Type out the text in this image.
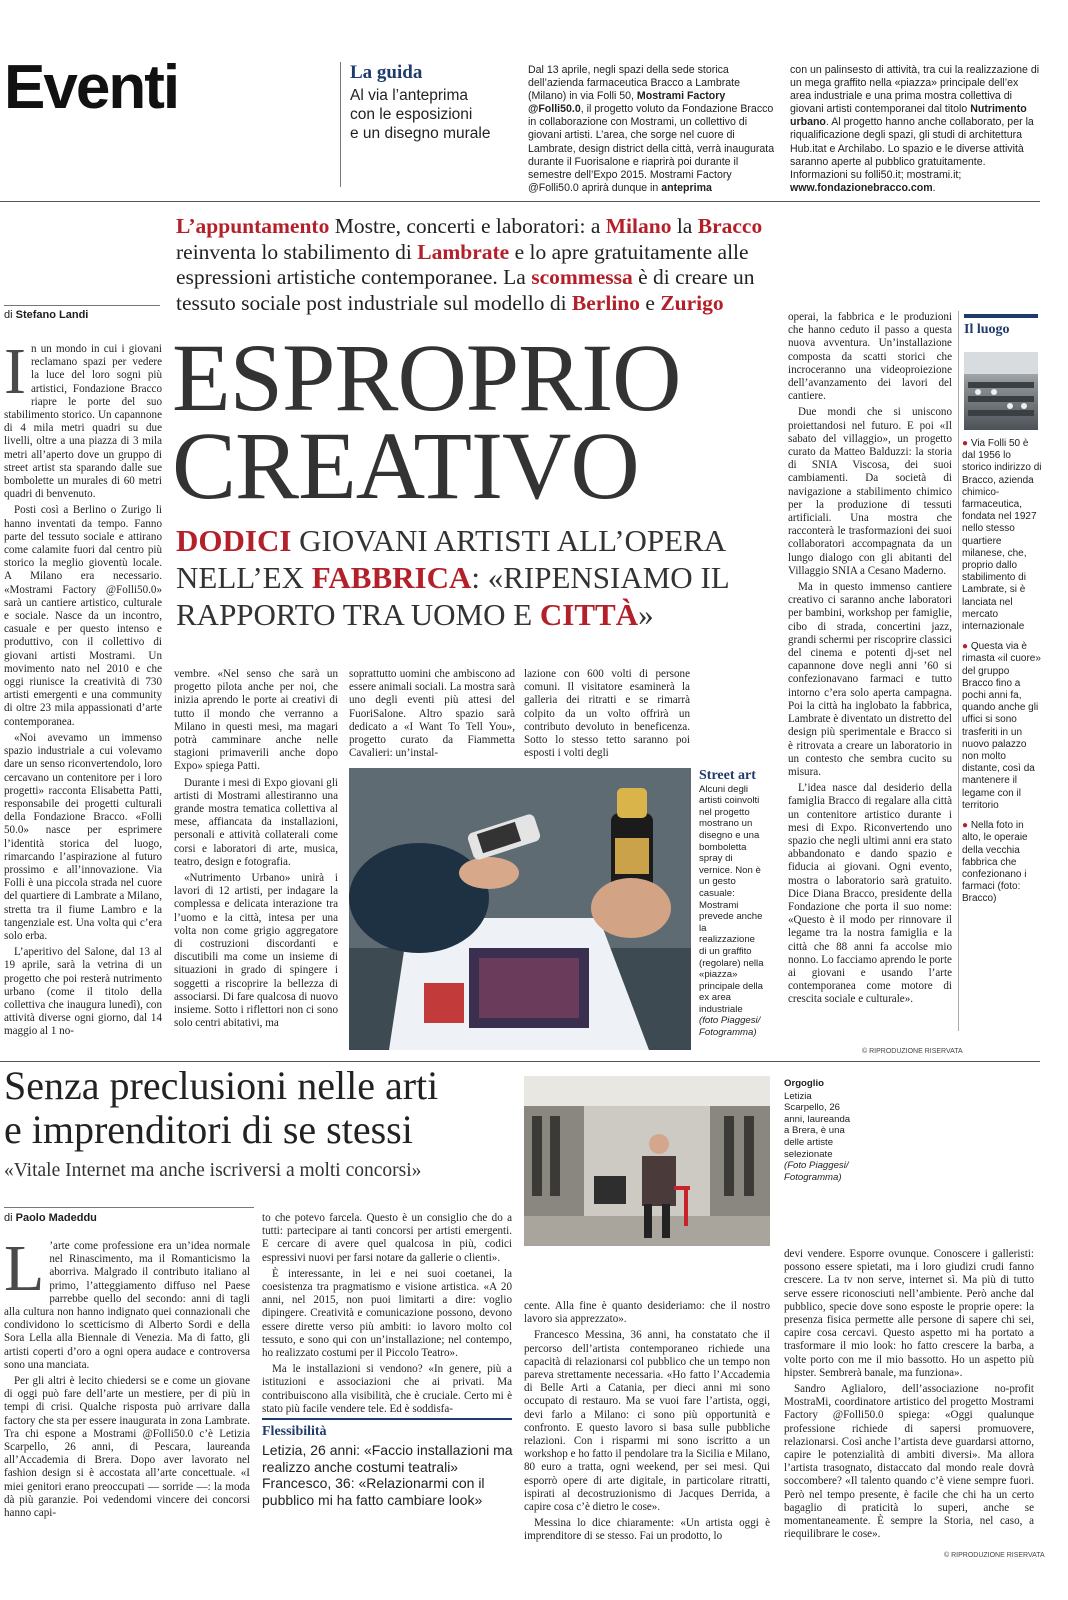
Eventi	La guida
Al via l’anteprima
con le esposizioni
e un disegno murale
Dal 13 aprile, negli spazi della sede storica dell’azienda farmaceutica Bracco a Lambrate (Milano) in via Folli 50, Mostrami Factory @Folli50.0, il progetto voluto da Fondazione Bracco in collaborazione con Mostrami, un collettivo di giovani artisti. L’area, che sorge nel cuore di Lambrate, design district della città, verrà inaugurata durante il Fuorisalone e riaprirà poi durante il semestre dell’Expo 2015. Mostrami Factory @Folli50.0 aprirà dunque in anteprima
con un palinsesto di attività, tra cui la realizzazione di un mega graffito nella «piazza» principale dell’ex area industriale e una prima mostra collettiva di giovani artisti contemporanei dal titolo Nutrimento urbano. Al progetto hanno anche collaborato, per la riqualificazione degli spazi, gli studi di architettura Hub.itat e Archilabo. Lo spazio e le diverse attività saranno aperte al pubblico gratuitamente. Informazioni su folli50.it; mostrami.it; www.fondazionebracco.com.
L’appuntamento Mostre, concerti e laboratori: a Milano la Bracco reinventa lo stabilimento di Lambrate e lo apre gratuitamente alle espressioni artistiche contemporanee. La scommessa è di creare un tessuto sociale post industriale sul modello di Berlino e Zurigo
di Stefano Landi
ESPROPRIO
CREATIVO
DODICI GIOVANI ARTISTI ALL’OPERA NELL’EX FABBRICA: «RIPENSIAMO IL RAPPORTO TRA UOMO E CITTÀ»

In un mondo in cui i giovani reclamano spazi per vedere la luce del loro sogni più artistici, Fondazione Bracco riapre le porte del suo stabilimento storico. Un capannone di 4 mila metri quadri su due livelli, oltre a una piazza di 3 mila metri all’aperto dove un gruppo di street artist sta sparando dalle sue bombolette un murales di 60 metri quadri di benvenuto.

Posti così a Berlino o Zurigo li hanno inventati da tempo. Fanno parte del tessuto sociale e attirano come calamite fuori dal centro più storico la meglio gioventù locale. A Milano era necessario. «Mostrami Factory @Folli50.0» sarà un cantiere artistico, culturale e sociale. Nasce da un incontro, casuale e per questo intenso e produttivo, con il collettivo di giovani artisti Mostrami. Un movimento nato nel 2010 e che oggi riunisce la creatività di 730 artisti emergenti e una community di oltre 23 mila appassionati d’arte contemporanea.

«Noi avevamo un immenso spazio industriale a cui volevamo dare un senso riconvertendolo, loro cercavano un contenitore per i loro progetti» racconta Elisabetta Patti, responsabile dei progetti culturali della Fondazione Bracco. «Folli 50.0» nasce per esprimere l’identità storica del luogo, rimarcando l’aspirazione al futuro prossimo e all’innovazione. Via Folli è una piccola strada nel cuore del quartiere di Lambrate a Milano, stretta tra il fiume Lambro e la tangenziale est. Una volta qui c’era solo erba.

L’aperitivo del Salone, dal 13 al 19 aprile, sarà la vetrina di un progetto che poi resterà nutrimento urbano (come il titolo della collettiva che inaugura lunedì), con attività diverse ogni giorno, dal 14 maggio al 1 no-

vembre. «Nel senso che sarà un progetto pilota anche per noi, che inizia aprendo le porte ai creativi di tutto il mondo che verranno a Milano in questi mesi, ma magari potrà camminare anche nelle stagioni primaverili anche dopo Expo» spiega Patti.

Durante i mesi di Expo giovani gli artisti di Mostrami allestiranno una grande mostra tematica collettiva al mese, affiancata da installazioni, personali e attività collaterali come corsi e laboratori di arte, musica, teatro, design e fotografia.

«Nutrimento Urbano» unirà i lavori di 12 artisti, per indagare la complessa e delicata interazione tra l’uomo e la città, intesa per una volta non come grigio aggregatore di costruzioni discordanti e discutibili ma come un insieme di situazioni in grado di spingere i soggetti a riscoprire la bellezza di associarsi. Di fare qualcosa di nuovo insieme. Sotto i riflettori non ci sono solo centri abitativi, ma

soprattutto uomini che ambiscono ad essere animali sociali. La mostra sarà uno degli eventi più attesi del FuoriSalone. Altro spazio sarà dedicato a «I Want To Tell You», progetto curato da Fiammetta Cavalieri: un’instal-

lazione con 600 volti di persone comuni. Il visitatore esaminerà la galleria dei ritratti e se rimarrà colpito da un volto offrirà un contributo devoluto in beneficenza. Sotto lo stesso tetto saranno poi esposti i volti degli

Street art
Alcuni degli artisti coinvolti nel progetto mostrano un disegno e una bomboletta spray di vernice. Non è un gesto casuale: Mostrami prevede anche la realizzazione di un graffito (regolare) nella «piazza» principale della ex area industriale
(foto Piaggesi/ Fotogramma)

operai, la fabbrica e le produzioni che hanno ceduto il passo a questa nuova avventura. Un’installazione composta da scatti storici che incroceranno una videoproiezione dell’avanzamento dei lavori del cantiere.

Due mondi che si uniscono proiettandosi nel futuro. E poi «Il sabato del villaggio», un progetto curato da Matteo Balduzzi: la storia di SNIA Viscosa, dei suoi cambiamenti. Da società di navigazione a stabilimento chimico per la produzione di tessuti artificiali. Una mostra che racconterà le trasformazioni dei suoi collaboratori accompagnata da un lungo dialogo con gli abitanti del Villaggio SNIA a Cesano Maderno.

Ma in questo immenso cantiere creativo ci saranno anche laboratori per bambini, workshop per famiglie, cibo di strada, concertini jazz, grandi schermi per riscoprire classici del cinema e potenti dj-set nel capannone dove negli anni ’60 si confezionavano farmaci e tutto intorno c’era solo aperta campagna. Poi la città ha inglobato la fabbrica, Lambrate è diventato un distretto del design più sperimentale e Bracco si è ritrovata a creare un laboratorio in un contesto che sembra cucito su misura.

L’idea nasce dal desiderio della famiglia Bracco di regalare alla città un contenitore artistico durante i mesi di Expo. Riconvertendo uno spazio che negli ultimi anni era stato abbandonato e dando spazio e fiducia ai giovani. Ogni evento, mostra o laboratorio sarà gratuito. Dice Diana Bracco, presidente della Fondazione che porta il suo nome: «Questo è il modo per rinnovare il legame tra la nostra famiglia e la città che 88 anni fa accolse mio nonno. Lo facciamo aprendo le porte ai giovani e usando l’arte contemporanea come motore di crescita sociale e culturale».

© RIPRODUZIONE RISERVATA
Il luogo
● Via Folli 50 è dal 1956 lo storico indirizzo di Bracco, azienda chimico-farmaceutica, fondata nel 1927 nello stesso quartiere milanese, che, proprio dallo stabilimento di Lambrate, si è lanciata nel mercato internazionale
● Questa via è rimasta «il cuore» del gruppo Bracco fino a pochi anni fa, quando anche gli uffici si sono trasferiti in un nuovo palazzo non molto distante, così da mantenere il legame con il territorio
● Nella foto in alto, le operaie della vecchia fabbrica che confezionano i farmaci (foto: Bracco)
Senza preclusioni nelle arti
e imprenditori di se stessi
«Vitale Internet ma anche iscriversi a molti concorsi»
di Paolo Madeddu

L ’arte come professione era un’idea normale nel Rinascimento, ma il Romanticismo la aborriva. Malgrado il contributo italiano al primo, l’atteggiamento diffuso nel Paese parrebbe quello del secondo: anni di tagli alla cultura non hanno indignato quei connazionali che condividono lo scetticismo di Alberto Sordi e della Sora Lella alla Biennale di Venezia. Ma di fatto, gli artisti coperti d’oro a ogni opera audace e controversa sono una manciata.

Per gli altri è lecito chiedersi se e come un giovane di oggi può fare dell’arte un mestiere, per di più in tempi di crisi. Qualche risposta può arrivare dalla factory che sta per essere inaugurata in zona Lambrate. Tra chi espone a Mostrami @Folli50.0 c’è Letizia Scarpello, 26 anni, di Pescara, laureanda all’Accademia di Brera. Dopo aver lavorato nel fashion design si è accostata all’arte concettuale. «I miei genitori erano preoccupati — sorride —: la moda dà più garanzie. Poi vedendomi vincere dei concorsi hanno capi-

to che potevo farcela. Questo è un consiglio che do a tutti: partecipare ai tanti concorsi per artisti emergenti. E cercare di avere quel qualcosa in più, codici espressivi nuovi per farsi notare da gallerie o clienti».

È interessante, in lei e nei suoi coetanei, la coesistenza tra pragmatismo e visione artistica. «A 20 anni, nel 2015, non puoi limitarti a dire: voglio dipingere. Creatività e comunicazione possono, devono essere dirette verso più ambiti: io lavoro molto col tessuto, e sono qui con un’installazione; nel contempo, ho realizzato costumi per il Piccolo Teatro».

Ma le installazioni si vendono? «In genere, più a istituzioni e associazioni che ai privati. Ma contribuiscono alla visibilità, che è cruciale. Certo mi è stato più facile vendere tele. Ed è soddisfa-

Flessibilità
Letizia, 26 anni: «Faccio installazioni ma realizzo anche costumi teatrali»
Francesco, 36: «Relazionarmi con il pubblico mi ha fatto cambiare look»
Orgoglio
Letizia Scarpello, 26 anni, laureanda a Brera, è una delle artiste selezionate
(Foto Piaggesi/ Fotogramma)

cente. Alla fine è quanto desideriamo: che il nostro lavoro sia apprezzato».

Francesco Messina, 36 anni, ha constatato che il percorso dell’artista contemporaneo richiede una capacità di relazionarsi col pubblico che un tempo non pareva strettamente necessaria. «Ho fatto l’Accademia di Belle Arti a Catania, per dieci anni mi sono occupato di restauro. Ma se vuoi fare l’artista, oggi, devi farlo a Milano: ci sono più opportunità e confronto. E questo lavoro si basa sulle pubbliche relazioni. Con i risparmi mi sono iscritto a un workshop e ho fatto il pendolare tra la Sicilia e Milano, 80 euro a tratta, ogni weekend, per sei mesi. Qui esporrò opere di arte digitale, in particolare ritratti, ispirati al decostruzionismo di Jacques Derrida, a capire cosa c’è dietro le cose».

Messina lo dice chiaramente: «Un artista oggi è imprenditore di se stesso. Fai un prodotto, lo

devi vendere. Esporre ovunque. Conoscere i galleristi: possono essere spietati, ma i loro giudizi crudi fanno crescere. La tv non serve, internet sì. Ma più di tutto serve essere riconosciuti nell’ambiente. Però anche dal pubblico, specie dove sono esposte le proprie opere: la presenza fisica permette alle persone di sapere chi sei, capire cosa cercavi. Questo aspetto mi ha portato a trasformare il mio look: ho fatto crescere la barba, a volte porto con me il mio bassotto. Ho un aspetto più hipster. Sembrerà banale, ma funziona».

Sandro Aglialoro, dell’associazione no-profit MostraMi, coordinatore artistico del progetto Mostrami Factory @Folli50.0 spiega: «Oggi qualunque professione richiede di sapersi promuovere, relazionarsi. Così anche l’artista deve guardarsi attorno, capire le potenzialità di ambiti diversi». Ma allora l’artista trasognato, distaccato dal mondo reale dovrà soccombere? «Il talento quando c’è viene sempre fuori. Però nel tempo presente, è facile che chi ha un certo bagaglio di praticità lo superi, anche se momentaneamente. È sempre la Storia, nel caso, a riequilibrare le cose».

© RIPRODUZIONE RISERVATA
